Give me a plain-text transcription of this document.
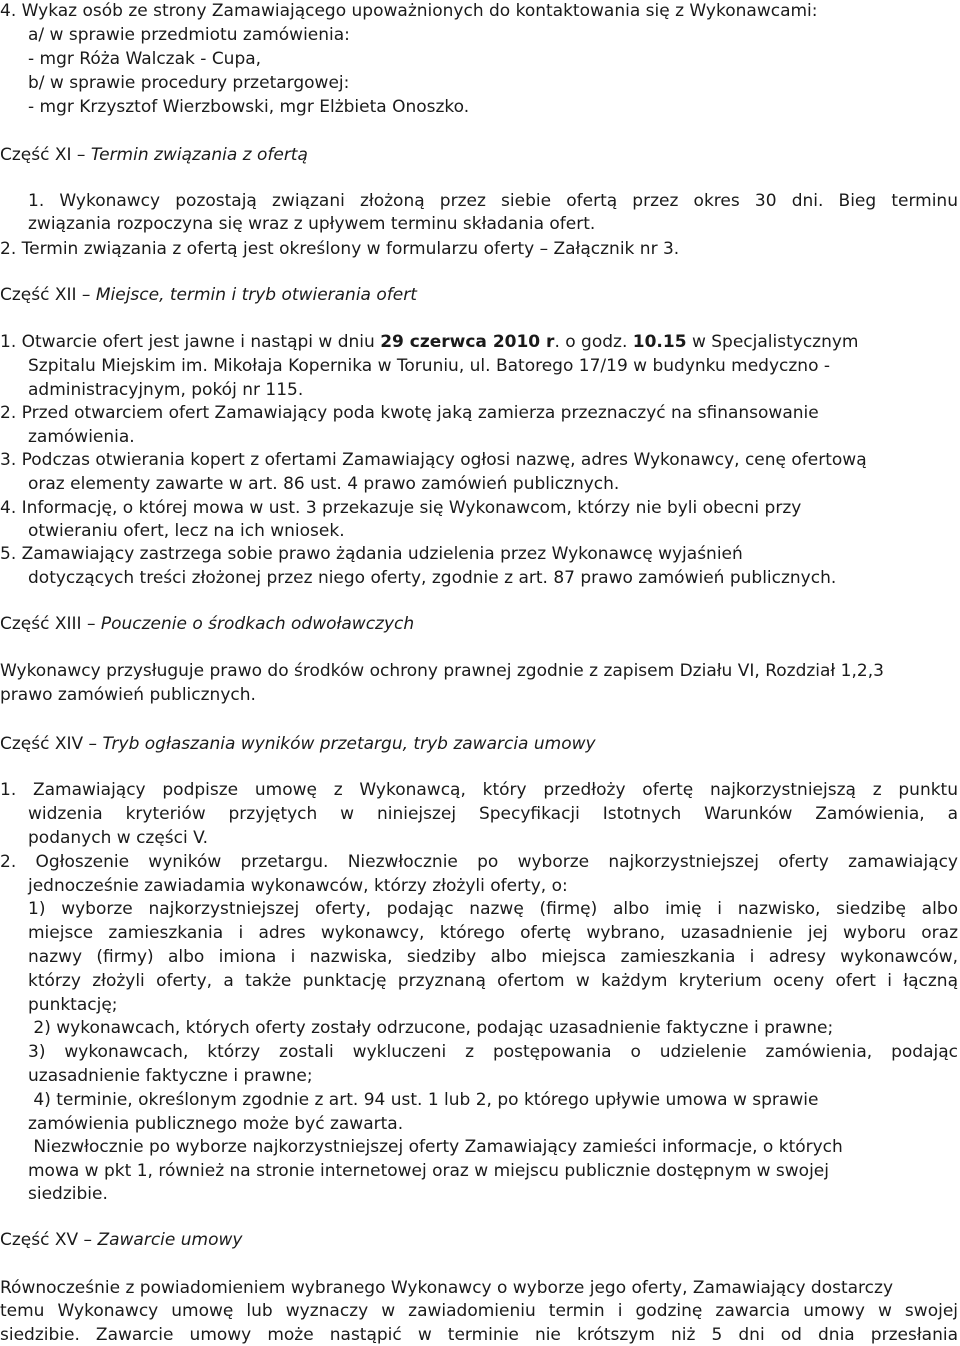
4. Wykaz osób ze strony Zamawiającego upoważnionych do kontaktowania się z Wykonawcami:
a/ w sprawie przedmiotu zamówienia:
- mgr Róża Walczak - Cupa,
b/ w sprawie procedury przetargowej:
- mgr Krzysztof Wierzbowski, mgr Elżbieta Onoszko.
Część XI – Termin związania z ofertą
1. Wykonawcy pozostają związani złożoną przez siebie ofertą przez okres 30 dni. Bieg terminu
związania rozpoczyna się wraz z upływem terminu składania ofert.
2. Termin związania z ofertą jest określony w formularzu oferty – Załącznik nr 3.
Część XII – Miejsce, termin i tryb otwierania ofert
1. Otwarcie ofert jest jawne i nastąpi w dniu 29 czerwca 2010 r. o godz. 10.15 w Specjalistycznym
Szpitalu Miejskim im. Mikołaja Kopernika w Toruniu, ul. Batorego 17/19 w budynku medyczno -
administracyjnym, pokój nr 115.
2. Przed otwarciem ofert Zamawiający poda kwotę jaką zamierza przeznaczyć na sfinansowanie
zamówienia.
3. Podczas otwierania kopert z ofertami Zamawiający ogłosi nazwę, adres Wykonawcy, cenę ofertową
oraz elementy zawarte w art. 86 ust. 4 prawo zamówień publicznych.
4. Informację, o której mowa w ust. 3 przekazuje się Wykonawcom, którzy nie byli obecni przy
otwieraniu ofert, lecz na ich wniosek.
5. Zamawiający zastrzega sobie prawo żądania udzielenia przez Wykonawcę wyjaśnień
dotyczących treści złożonej przez niego oferty, zgodnie z art. 87 prawo zamówień publicznych.
Część XIII – Pouczenie o środkach odwoławczych
Wykonawcy przysługuje prawo do środków ochrony prawnej zgodnie z zapisem Działu VI, Rozdział 1,2,3
prawo zamówień publicznych.
Część XIV – Tryb ogłaszania wyników przetargu, tryb zawarcia umowy
1. Zamawiający podpisze umowę z Wykonawcą, który przedłoży ofertę najkorzystniejszą z punktu
widzenia kryteriów przyjętych w niniejszej Specyfikacji Istotnych Warunków Zamówienia, a
podanych w części V.
2. Ogłoszenie wyników przetargu. Niezwłocznie po wyborze najkorzystniejszej oferty zamawiający
jednocześnie zawiadamia wykonawców, którzy złożyli oferty, o:
1) wyborze najkorzystniejszej oferty, podając nazwę (firmę) albo imię i nazwisko, siedzibę albo
miejsce zamieszkania i adres wykonawcy, którego ofertę wybrano, uzasadnienie jej wyboru oraz
nazwy (firmy) albo imiona i nazwiska, siedziby albo miejsca zamieszkania i adresy wykonawców,
którzy złożyli oferty, a także punktację przyznaną ofertom w każdym kryterium oceny ofert i łączną
punktację;
2) wykonawcach, których oferty zostały odrzucone, podając uzasadnienie faktyczne i prawne;
3) wykonawcach, którzy zostali wykluczeni z postępowania o udzielenie zamówienia, podając
uzasadnienie faktyczne i prawne;
4) terminie, określonym zgodnie z art. 94 ust. 1 lub 2, po którego upływie umowa w sprawie
zamówienia publicznego może być zawarta.
Niezwłocznie po wyborze najkorzystniejszej oferty Zamawiający zamieści informacje, o których
mowa w pkt 1, również na stronie internetowej oraz w miejscu publicznie dostępnym w swojej
siedzibie.
Część XV – Zawarcie umowy
Równocześnie z powiadomieniem wybranego Wykonawcy o wyborze jego oferty, Zamawiający dostarczy
temu Wykonawcy umowę lub wyznaczy w zawiadomieniu termin i godzinę zawarcia umowy w swojej
siedzibie. Zawarcie umowy może nastąpić w terminie nie krótszym niż 5 dni od dnia przesłania
